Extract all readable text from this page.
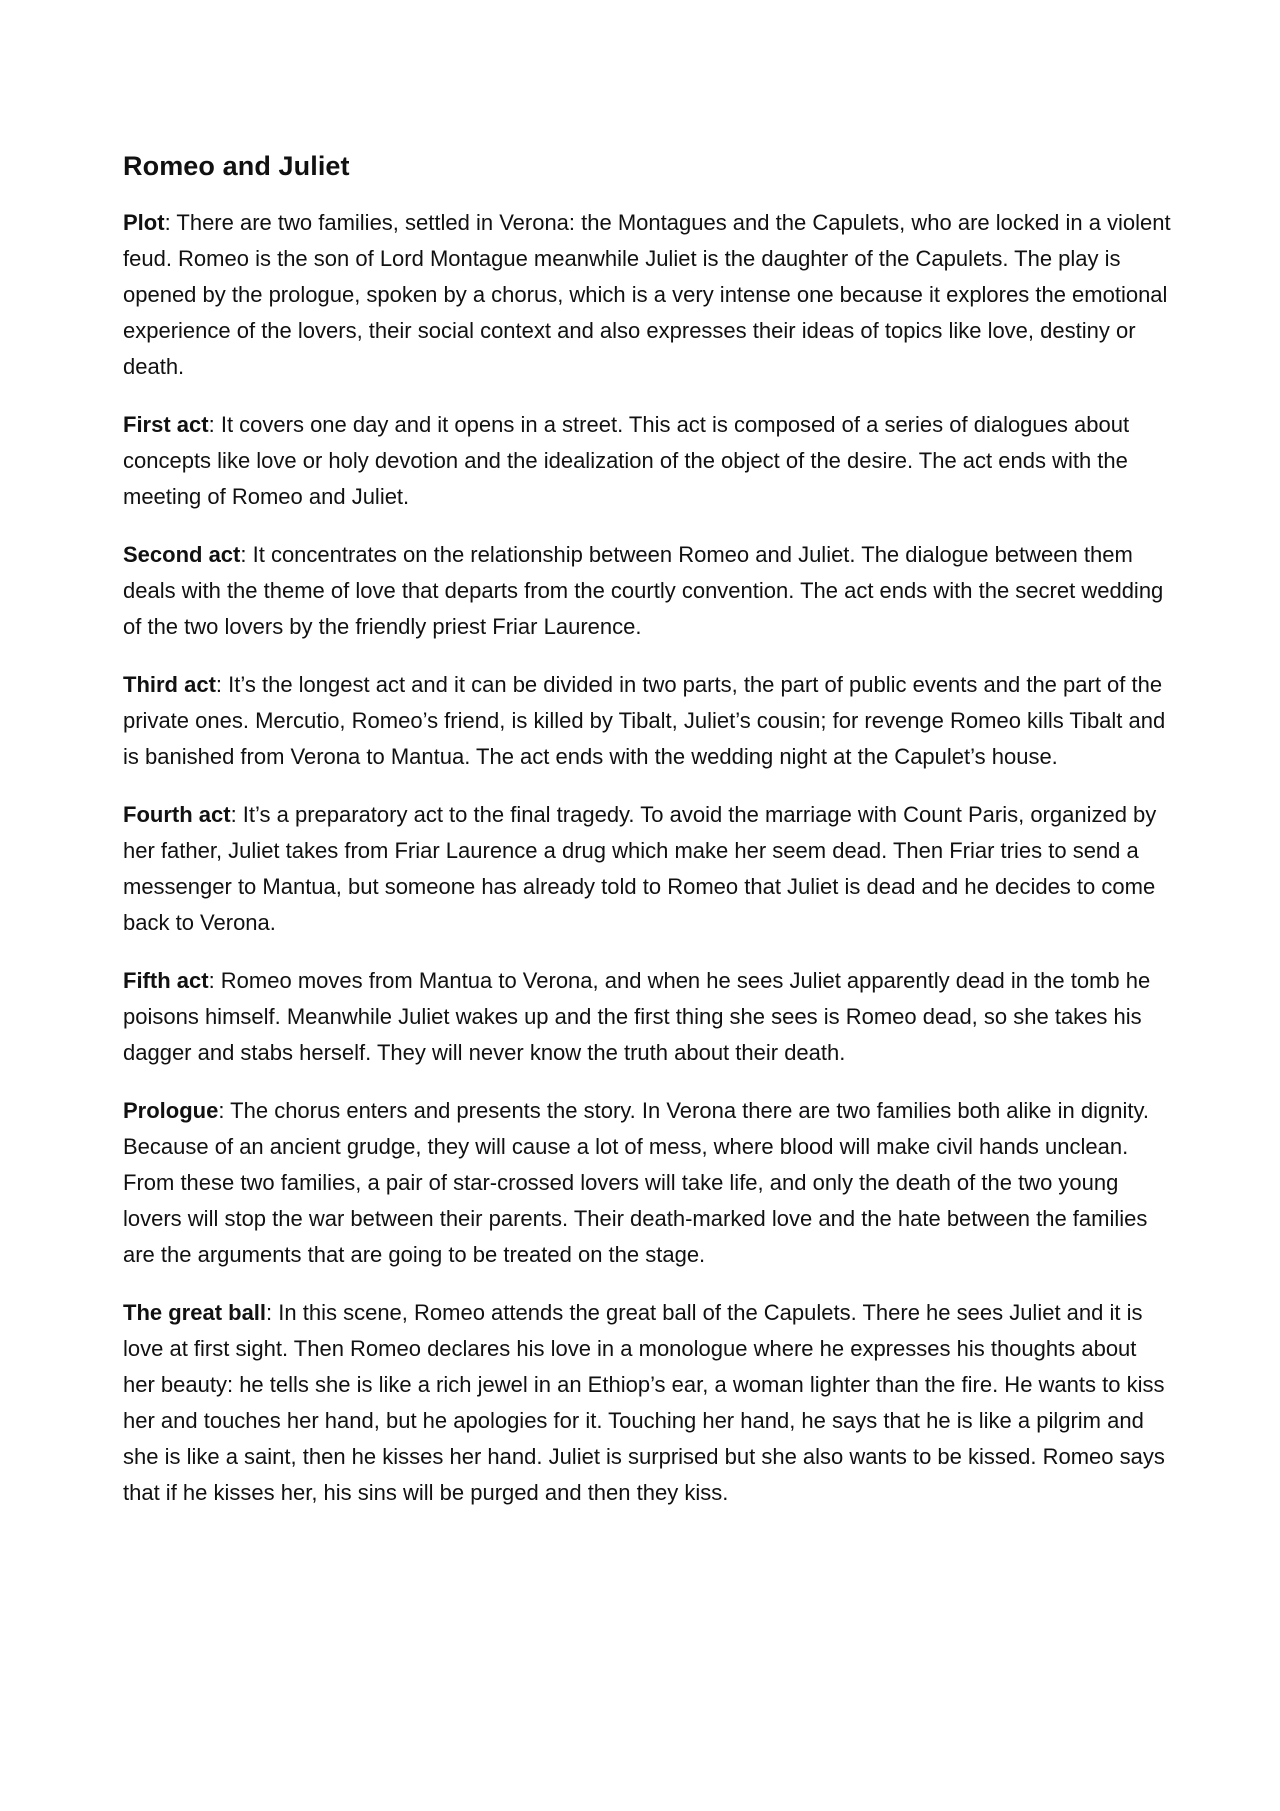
Romeo and Juliet

Plot: There are two families, settled in Verona: the Montagues and the Capulets, who are locked in a violent feud. Romeo is the son of Lord Montague meanwhile Juliet is the daughter of the Capulets. The play is opened by the prologue, spoken by a chorus, which is a very intense one because it explores the emotional experience of the lovers, their social context and also expresses their ideas of topics like love, destiny or death.

First act: It covers one day and it opens in a street. This act is composed of a series of dialogues about concepts like love or holy devotion and the idealization of the object of the desire. The act ends with the meeting of Romeo and Juliet.

Second act: It concentrates on the relationship between Romeo and Juliet. The dialogue between them deals with the theme of love that departs from the courtly convention. The act ends with the secret wedding of the two lovers by the friendly priest Friar Laurence.

Third act: It’s the longest act and it can be divided in two parts, the part of public events and the part of the private ones. Mercutio, Romeo’s friend, is killed by Tibalt, Juliet’s cousin; for revenge Romeo kills Tibalt and is banished from Verona to Mantua. The act ends with the wedding night at the Capulet’s house.

Fourth act: It’s a preparatory act to the final tragedy. To avoid the marriage with Count Paris, organized by her father, Juliet takes from Friar Laurence a drug which make her seem dead. Then Friar tries to send a messenger to Mantua, but someone has already told to Romeo that Juliet is dead and he decides to come back to Verona.

Fifth act: Romeo moves from Mantua to Verona, and when he sees Juliet apparently dead in the tomb he poisons himself. Meanwhile Juliet wakes up and the first thing she sees is Romeo dead, so she takes his dagger and stabs herself. They will never know the truth about their death.

Prologue: The chorus enters and presents the story. In Verona there are two families both alike in dignity. Because of an ancient grudge, they will cause a lot of mess, where blood will make civil hands unclean. From these two families, a pair of star-crossed lovers will take life, and only the death of the two young lovers will stop the war between their parents. Their death-marked love and the hate between the families are the arguments that are going to be treated on the stage.

The great ball: In this scene, Romeo attends the great ball of the Capulets. There he sees Juliet and it is love at first sight. Then Romeo declares his love in a monologue where he expresses his thoughts about her beauty: he tells she is like a rich jewel in an Ethiop’s ear, a woman lighter than the fire. He wants to kiss her and touches her hand, but he apologies for it. Touching her hand, he says that he is like a pilgrim and she is like a saint, then he kisses her hand. Juliet is surprised but she also wants to be kissed. Romeo says that if he kisses her, his sins will be purged and then they kiss.
